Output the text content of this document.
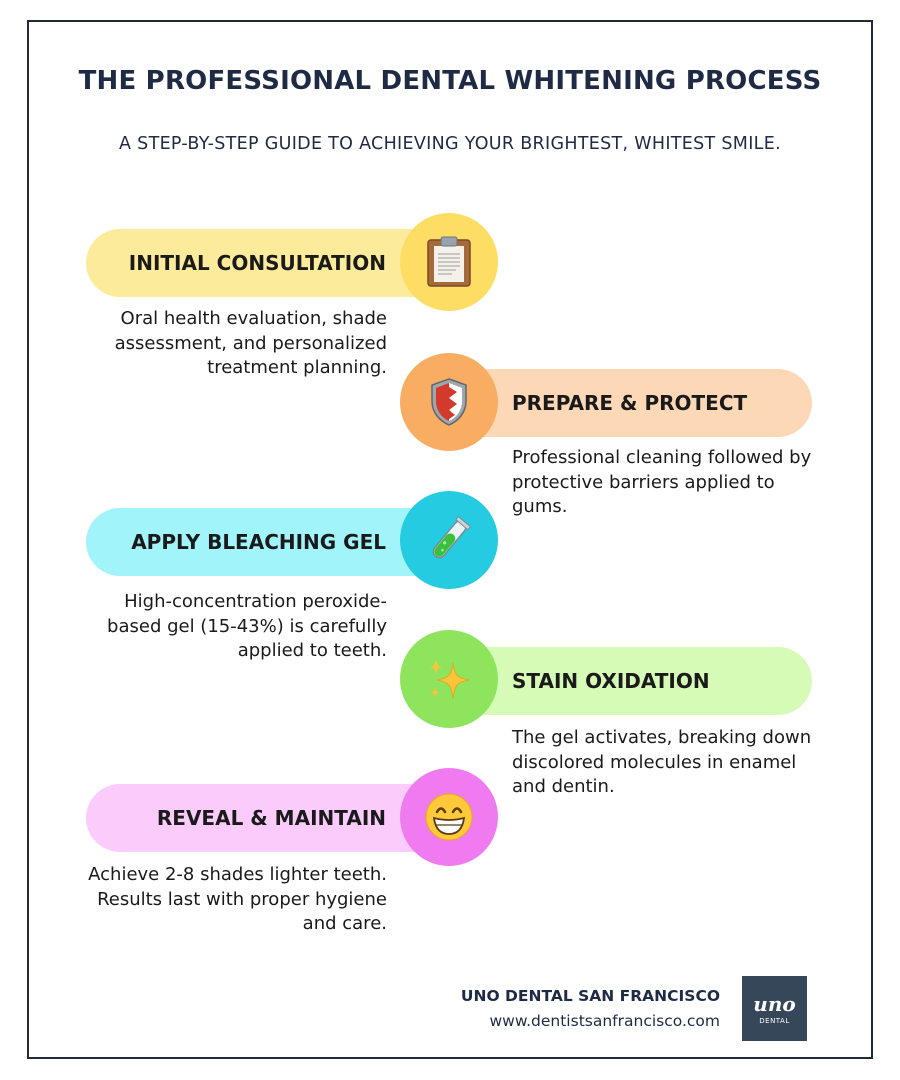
THE PROFESSIONAL DENTAL WHITENING PROCESS
A STEP-BY-STEP GUIDE TO ACHIEVING YOUR BRIGHTEST, WHITEST SMILE.
INITIAL CONSULTATION
Oral health evaluation, shade assessment, and personalized treatment planning.
PREPARE & PROTECT
Professional cleaning followed by protective barriers applied to gums.
APPLY BLEACHING GEL
High-concentration peroxide-based gel (15-43%) is carefully applied to teeth.
STAIN OXIDATION
The gel activates, breaking down discolored molecules in enamel and dentin.
REVEAL & MAINTAIN
Achieve 2-8 shades lighter teeth. Results last with proper hygiene and care.
UNO DENTAL SAN FRANCISCO
www.dentistsanfrancisco.com
uno
DENTAL
